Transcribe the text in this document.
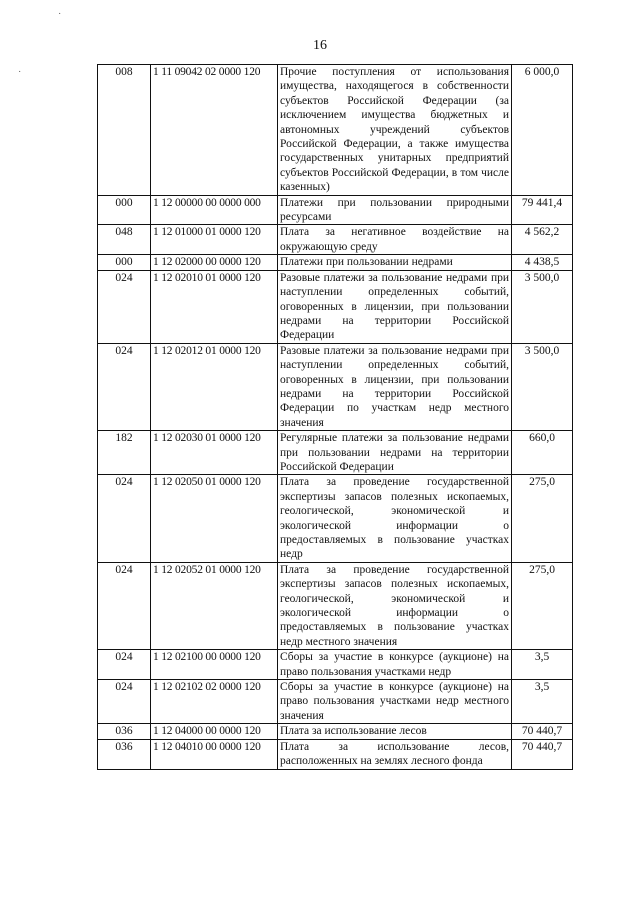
16
˙
˙	008	1 11 09042 02 0000 120	Прочие поступления от использования имущества, находящегося в собственности субъектов Российской Федерации (за исключением имущества бюджетных и автономных учреждений субъектов Российской Федерации, а также имущества государственных унитарных предприятий субъектов Российской Федерации, в том числе казенных)	6 000,0
000	1 12 00000 00 0000 000	Платежи при пользовании природными ресурсами	79 441,4
048	1 12 01000 01 0000 120	Плата за негативное воздействие на окружающую среду	4 562,2
000	1 12 02000 00 0000 120	Платежи при пользовании недрами	4 438,5
024	1 12 02010 01 0000 120	Разовые платежи за пользование недрами при наступлении определенных событий, оговоренных в лицензии, при пользовании недрами на территории Российской Федерации	3 500,0
024	1 12 02012 01 0000 120	Разовые платежи за пользование недрами при наступлении определенных событий, оговоренных в лицензии, при пользовании недрами на территории Российской Федерации по участкам недр местного значения	3 500,0
182	1 12 02030 01 0000 120	Регулярные платежи за пользование недрами при пользовании недрами на территории Российской Федерации	660,0
024	1 12 02050 01 0000 120	Плата за проведение государственной экспертизы запасов полезных ископаемых, геологической, экономической и экологической информации о предоставляемых в пользование участках недр	275,0
024	1 12 02052 01 0000 120	Плата за проведение государственной экспертизы запасов полезных ископаемых, геологической, экономической и экологической информации о предоставляемых в пользование участках недр местного значения	275,0
024	1 12 02100 00 0000 120	Сборы за участие в конкурсе (аукционе) на право пользования участками недр	3,5
024	1 12 02102 02 0000 120	Сборы за участие в конкурсе (аукционе) на право пользования участками недр местного значения	3,5
036	1 12 04000 00 0000 120	Плата за использование лесов	70 440,7
036	1 12 04010 00 0000 120	Плата за использование лесов, расположенных на землях лесного фонда	70 440,7
